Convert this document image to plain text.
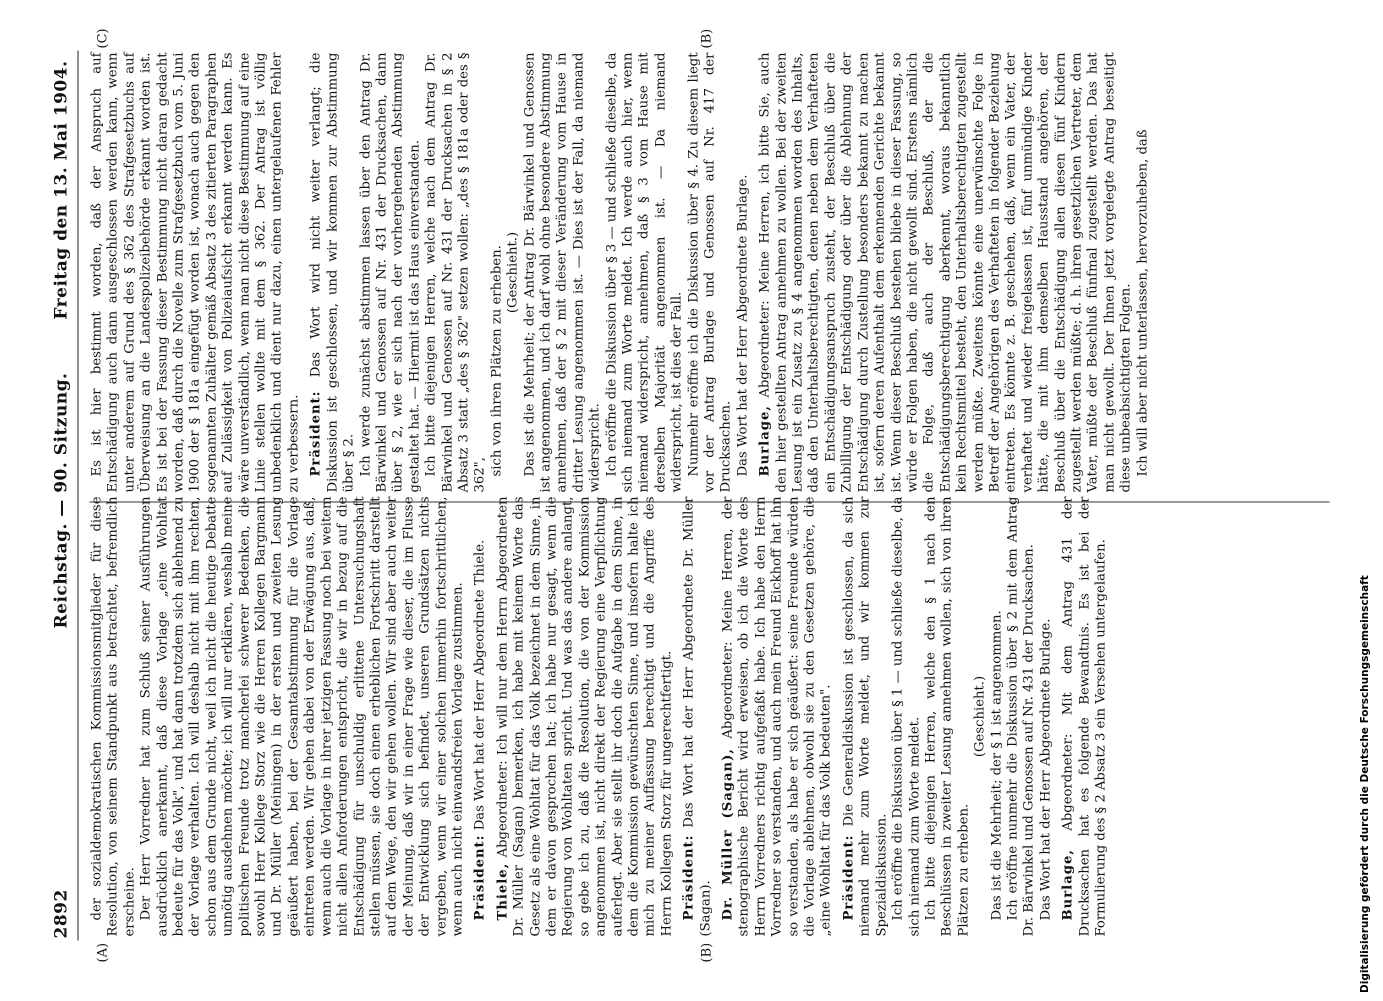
2892
Reichstag. — 90. Sitzung.
Freitag den 13. Mai 1904.
(A)	(B)
(B)
(C)

der sozialdemokratischen Kommissionsmitglieder für diese Resolution, von seinem Standpunkt aus betrachtet, befremdlich erscheine. Der Herr Vorredner hat zum Schluß seiner Ausführungen ausdrücklich anerkannt, daß diese Vorlage „eine Wohltat bedeute für das Volk", und hat dann trotzdem sich ablehnend zu der Vorlage verhalten. Ich will deshalb nicht mit ihm rechten, schon aus dem Grunde nicht, weil ich nicht die heutige Debatte unnötig ausdehnen möchte; ich will nur erklären, weshalb meine politischen Freunde trotz mancherlei schwerer Bedenken, die sowohl Herr Kollege Storz wie die Herren Kollegen Bargmann und Dr. Müller (Meiningen) in der ersten und zweiten Lesung geäußert haben, bei der Gesamtabstimmung für die Vorlage eintreten werden. Wir gehen dabei von der Erwägung aus, daß, wenn auch die Vorlage in ihrer jetzigen Fassung noch bei weitem nicht allen Anforderungen entspricht, die wir in bezug auf die Entschädigung für unschuldig erlittene Untersuchungshaft stellen müssen, sie doch einen erheblichen Fortschritt darstellt auf dem Wege, den wir gehen wollen. Wir sind aber auch weiter der Meinung, daß wir in einer Frage wie dieser, die im Flusse der Entwicklung sich befindet, unseren Grundsätzen nichts vergeben, wenn wir einer solchen immerhin fortschrittlichen, wenn auch nicht einwandsfreien Vorlage zustimmen. Präsident: Das Wort hat der Herr Abgeordnete Thiele.

Thiele, Abgeordneter: Ich will nur dem Herrn Abgeordneten Dr. Müller (Sagan) bemerken, ich habe mit keinem Worte das Gesetz als eine Wohltat für das Volk bezeichnet in dem Sinne, in dem er davon gesprochen hat; ich habe nur gesagt, wenn die Regierung von Wohltaten spricht. Und was das andere anlangt, so gebe ich zu, daß die Resolution, die von der Kommission angenommen ist, nicht direkt der Regierung eine Verpflichtung auferlegt. Aber sie stellt ihr doch die Aufgabe in dem Sinne, in dem die Kommission gewünschten Sinne, und insofern halte ich mich zu meiner Auffassung berechtigt und die Angriffe des Herrn Kollegen Storz für ungerechtfertigt. Präsident: Das Wort hat der Herr Abgeordnete Dr. Müller (Sagan). Dr. Müller (Sagan), Abgeordneter: Meine Herren, der stenographische Bericht wird erweisen, ob ich die Worte des Herrn Vorredners richtig aufgefaßt habe. Ich habe den Herrn Vorredner so verstanden, und auch mein Freund Eickhoff hat ihn so verstanden, als habe er sich geäußert: seine Freunde würden die Vorlage ablehnen, obwohl sie zu den Gesetzen gehöre, die „eine Wohltat für das Volk bedeuten". Präsident: Die Generaldiskussion ist geschlossen, da sich niemand mehr zum Worte meldet, und wir kommen zur Spezialdiskussion. Ich eröffne die Diskussion über § 1 — und schließe dieselbe, da sich niemand zum Worte meldet. Ich bitte diejenigen Herren, welche den § 1 nach den Beschlüssen in zweiter Lesung annehmen wollen, sich von ihren Plätzen zu erheben.

(Geschieht.) Das ist die Mehrheit; der § 1 ist angenommen. Ich eröffne nunmehr die Diskussion über § 2 mit dem Antrag Dr. Bärwinkel und Genossen auf Nr. 431 der Drucksachen. Das Wort hat der Herr Abgeordnete Burlage. Burlage, Abgeordneter: Mit dem Antrag 431 der Drucksachen hat es folgende Bewandtnis. Es ist bei der Formulierung des § 2 Absatz 3 ein Versehen untergelaufen.

Es ist hier bestimmt worden, daß der Anspruch auf Entschädigung auch dann ausgeschlossen werden kann, wenn unter anderem auf Grund des § 362 des Strafgesetzbuchs auf Überweisung an die Landespolizeibehörde erkannt worden ist. Es ist bei der Fassung dieser Bestimmung nicht daran gedacht worden, daß durch die Novelle zum Strafgesetzbuch vom 5. Juni 1900 der § 181a eingefügt worden ist, wonach auch gegen den sogenannten Zuhälter gemäß Absatz 3 des zitierten Paragraphen auf Zulässigkeit von Polizeiaufsicht erkannt werden kann. Es wäre unverständlich, wenn man nicht diese Bestimmung auf eine Linie stellen wollte mit dem § 362. Der Antrag ist völlig unbedenklich und dient nur dazu, einen untergelaufenen Fehler zu verbessern. Präsident: Das Wort wird nicht weiter verlangt; die Diskussion ist geschlossen, und wir kommen zur Abstimmung über § 2. Ich werde zunächst abstimmen lassen über den Antrag Dr. Bärwinkel und Genossen auf Nr. 431 der Drucksachen, dann über § 2, wie er sich nach der vorhergehenden Abstimmung gestaltet hat. — Hiermit ist das Haus einverstanden. Ich bitte diejenigen Herren, welche nach dem Antrag Dr. Bärwinkel und Genossen auf Nr. 431 der Drucksachen in § 2 Absatz 3 statt „des § 362" setzen wollen: „des § 181a oder des § 362", sich von ihren Plätzen zu erheben. (Geschieht.) Das ist die Mehrheit; der Antrag Dr. Bärwinkel und Genossen ist angenommen, und ich darf wohl ohne besondere Abstimmung annehmen, daß der § 2 mit dieser Veränderung vom Hause in dritter Lesung angenommen ist. — Dies ist der Fall, da niemand widerspricht. Ich eröffne die Diskussion über § 3 — und schließe dieselbe, da sich niemand zum Worte meldet. Ich werde auch hier, wenn niemand widerspricht, annehmen, daß § 3 vom Hause mit derselben Majorität angenommen ist. — Da niemand widerspricht, ist dies der Fall. Nunmehr eröffne ich die Diskussion über § 4. Zu diesem liegt vor der Antrag Burlage und Genossen auf Nr. 417 der Drucksachen. Das Wort hat der Herr Abgeordnete Burlage. Burlage, Abgeordneter: Meine Herren, ich bitte Sie, auch den hier gestellten Antrag annehmen zu wollen. Bei der zweiten Lesung ist ein Zusatz zu § 4 angenommen worden des Inhalts, daß den Unterhaltsberechtigten, denen neben dem Verhafteten ein Entschädigungsanspruch zusteht, der Beschluß über die Zubilligung der Entschädigung oder über die Ablehnung der Entschädigung durch Zustellung besonders bekannt zu machen ist, sofern deren Aufenthalt dem erkennenden Gerichte bekannt ist. Wenn dieser Beschluß bestehen bliebe in dieser Fassung, so würde er Folgen haben, die nicht gewollt sind. Erstens nämlich die Folge, daß auch der Beschluß, der die Entschädigungsberechtigung aberkennt, woraus bekanntlich kein Rechtsmittel besteht, den Unterhaltsberechtigten zugestellt werden müßte. Zweitens könnte eine unerwünschte Folge in Betreff der Angehörigen des Verhafteten in folgender Beziehung eintreten. Es könnte z. B. geschehen, daß, wenn ein Vater, der verhaftet und wieder freigelassen ist, fünf unmündige Kinder hätte, die mit ihm demselben Hausstand angehören, der Beschluß über die Entschädigung allen diesen fünf Kindern zugestellt werden müßte; d. h. ihren gesetzlichen Vertreter, dem Vater, müßte der Beschluß fünfmal zugestellt werden. Das hat man nicht gewollt. Der Ihnen jetzt vorgelegte Antrag beseitigt diese unbeabsichtigten Folgen. Ich will aber nicht unterlassen, hervorzuheben, daß

Digitalisierung gefördert durch die Deutsche Forschungsgemeinschaft
